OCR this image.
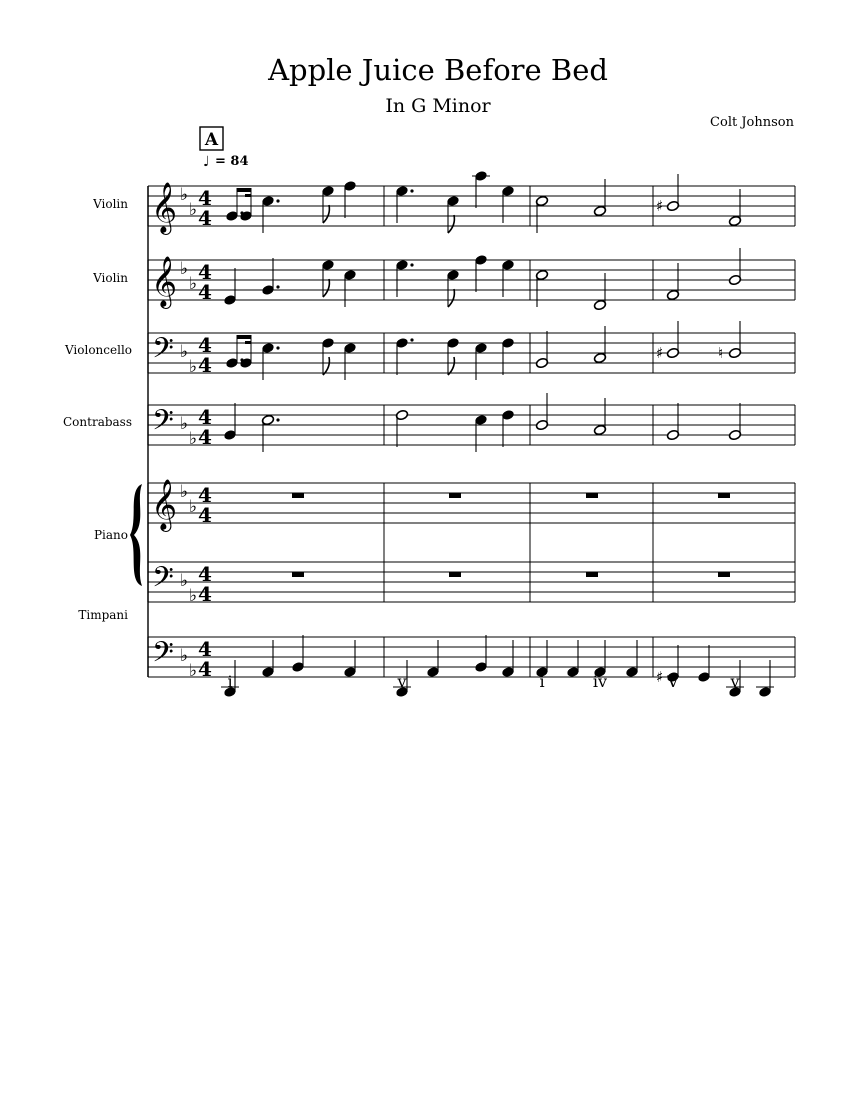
Apple Juice Before Bed
In G Minor
Colt Johnson
A
♩ = 84
Violin
Violin
Violoncello
Contrabass
Piano
Timpani
𝄞
𝄞
𝄢
𝄢
𝄞
𝄢
𝄢
♭
♭
♭
♭
♭
♭
♭
♭
♭
♭
♭
♭
♭
♭
4
4
4
4
4
4
4
4
4
4
4
4
4
4
♯
♯	♮
♯
i	v	i	iv	V	v
